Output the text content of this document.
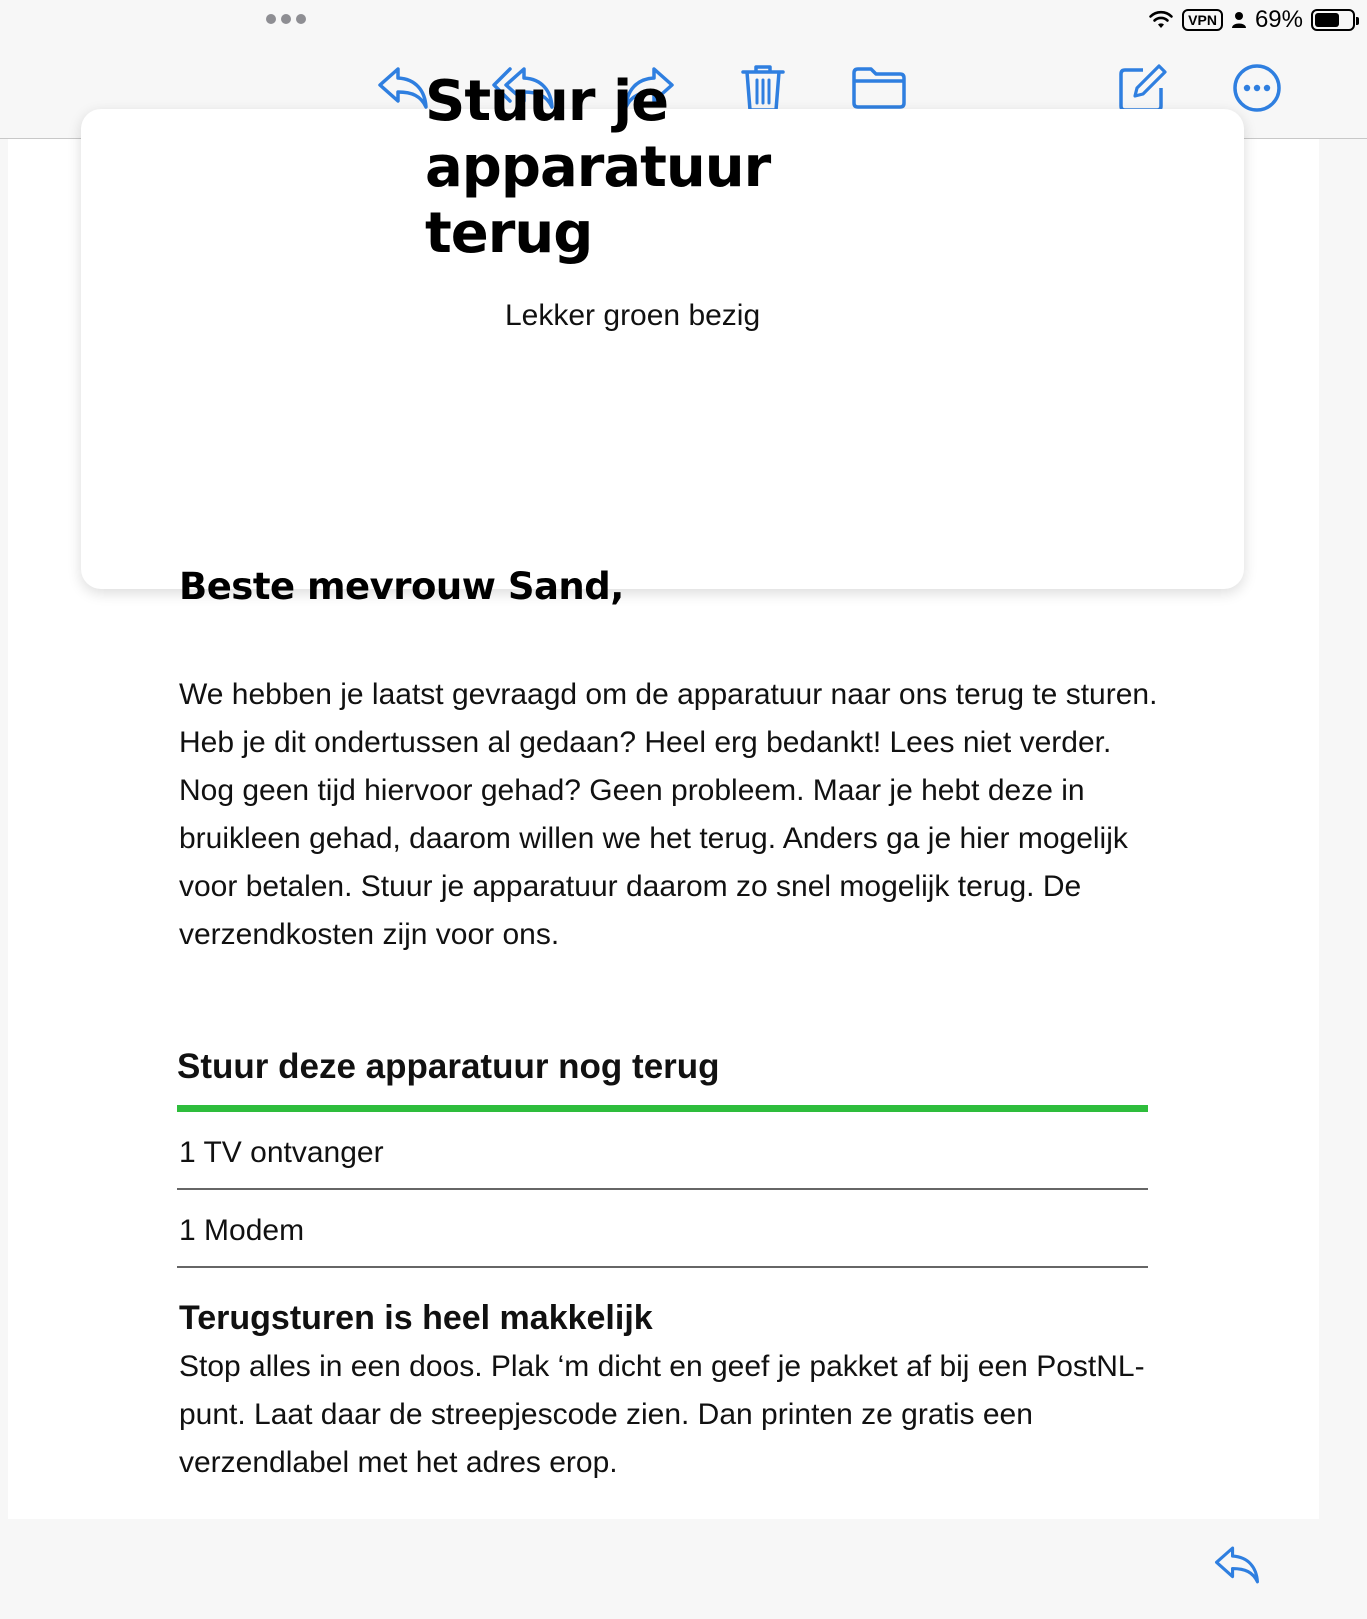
VPN 69%
Stuur je
apparatuur
terug

Lekker groen bezig

Beste mevrouw Sand,

We hebben je laatst gevraagd om de apparatuur naar ons terug te sturen. Heb je dit ondertussen al gedaan? Heel erg bedankt! Lees niet verder. Nog geen tijd hiervoor gehad? Geen probleem. Maar je hebt deze in bruikleen gehad, daarom willen we het terug. Anders ga je hier mogelijk voor betalen. Stuur je apparatuur daarom zo snel mogelijk terug. De verzendkosten zijn voor ons.

Stuur deze apparatuur nog terug
1 TV ontvanger
1 Modem
Terugsturen is heel makkelijk

Stop alles in een doos. Plak ‘m dicht en geef je pakket af bij een PostNL-punt. Laat daar de streepjescode zien. Dan printen ze gratis een verzendlabel met het adres erop.
